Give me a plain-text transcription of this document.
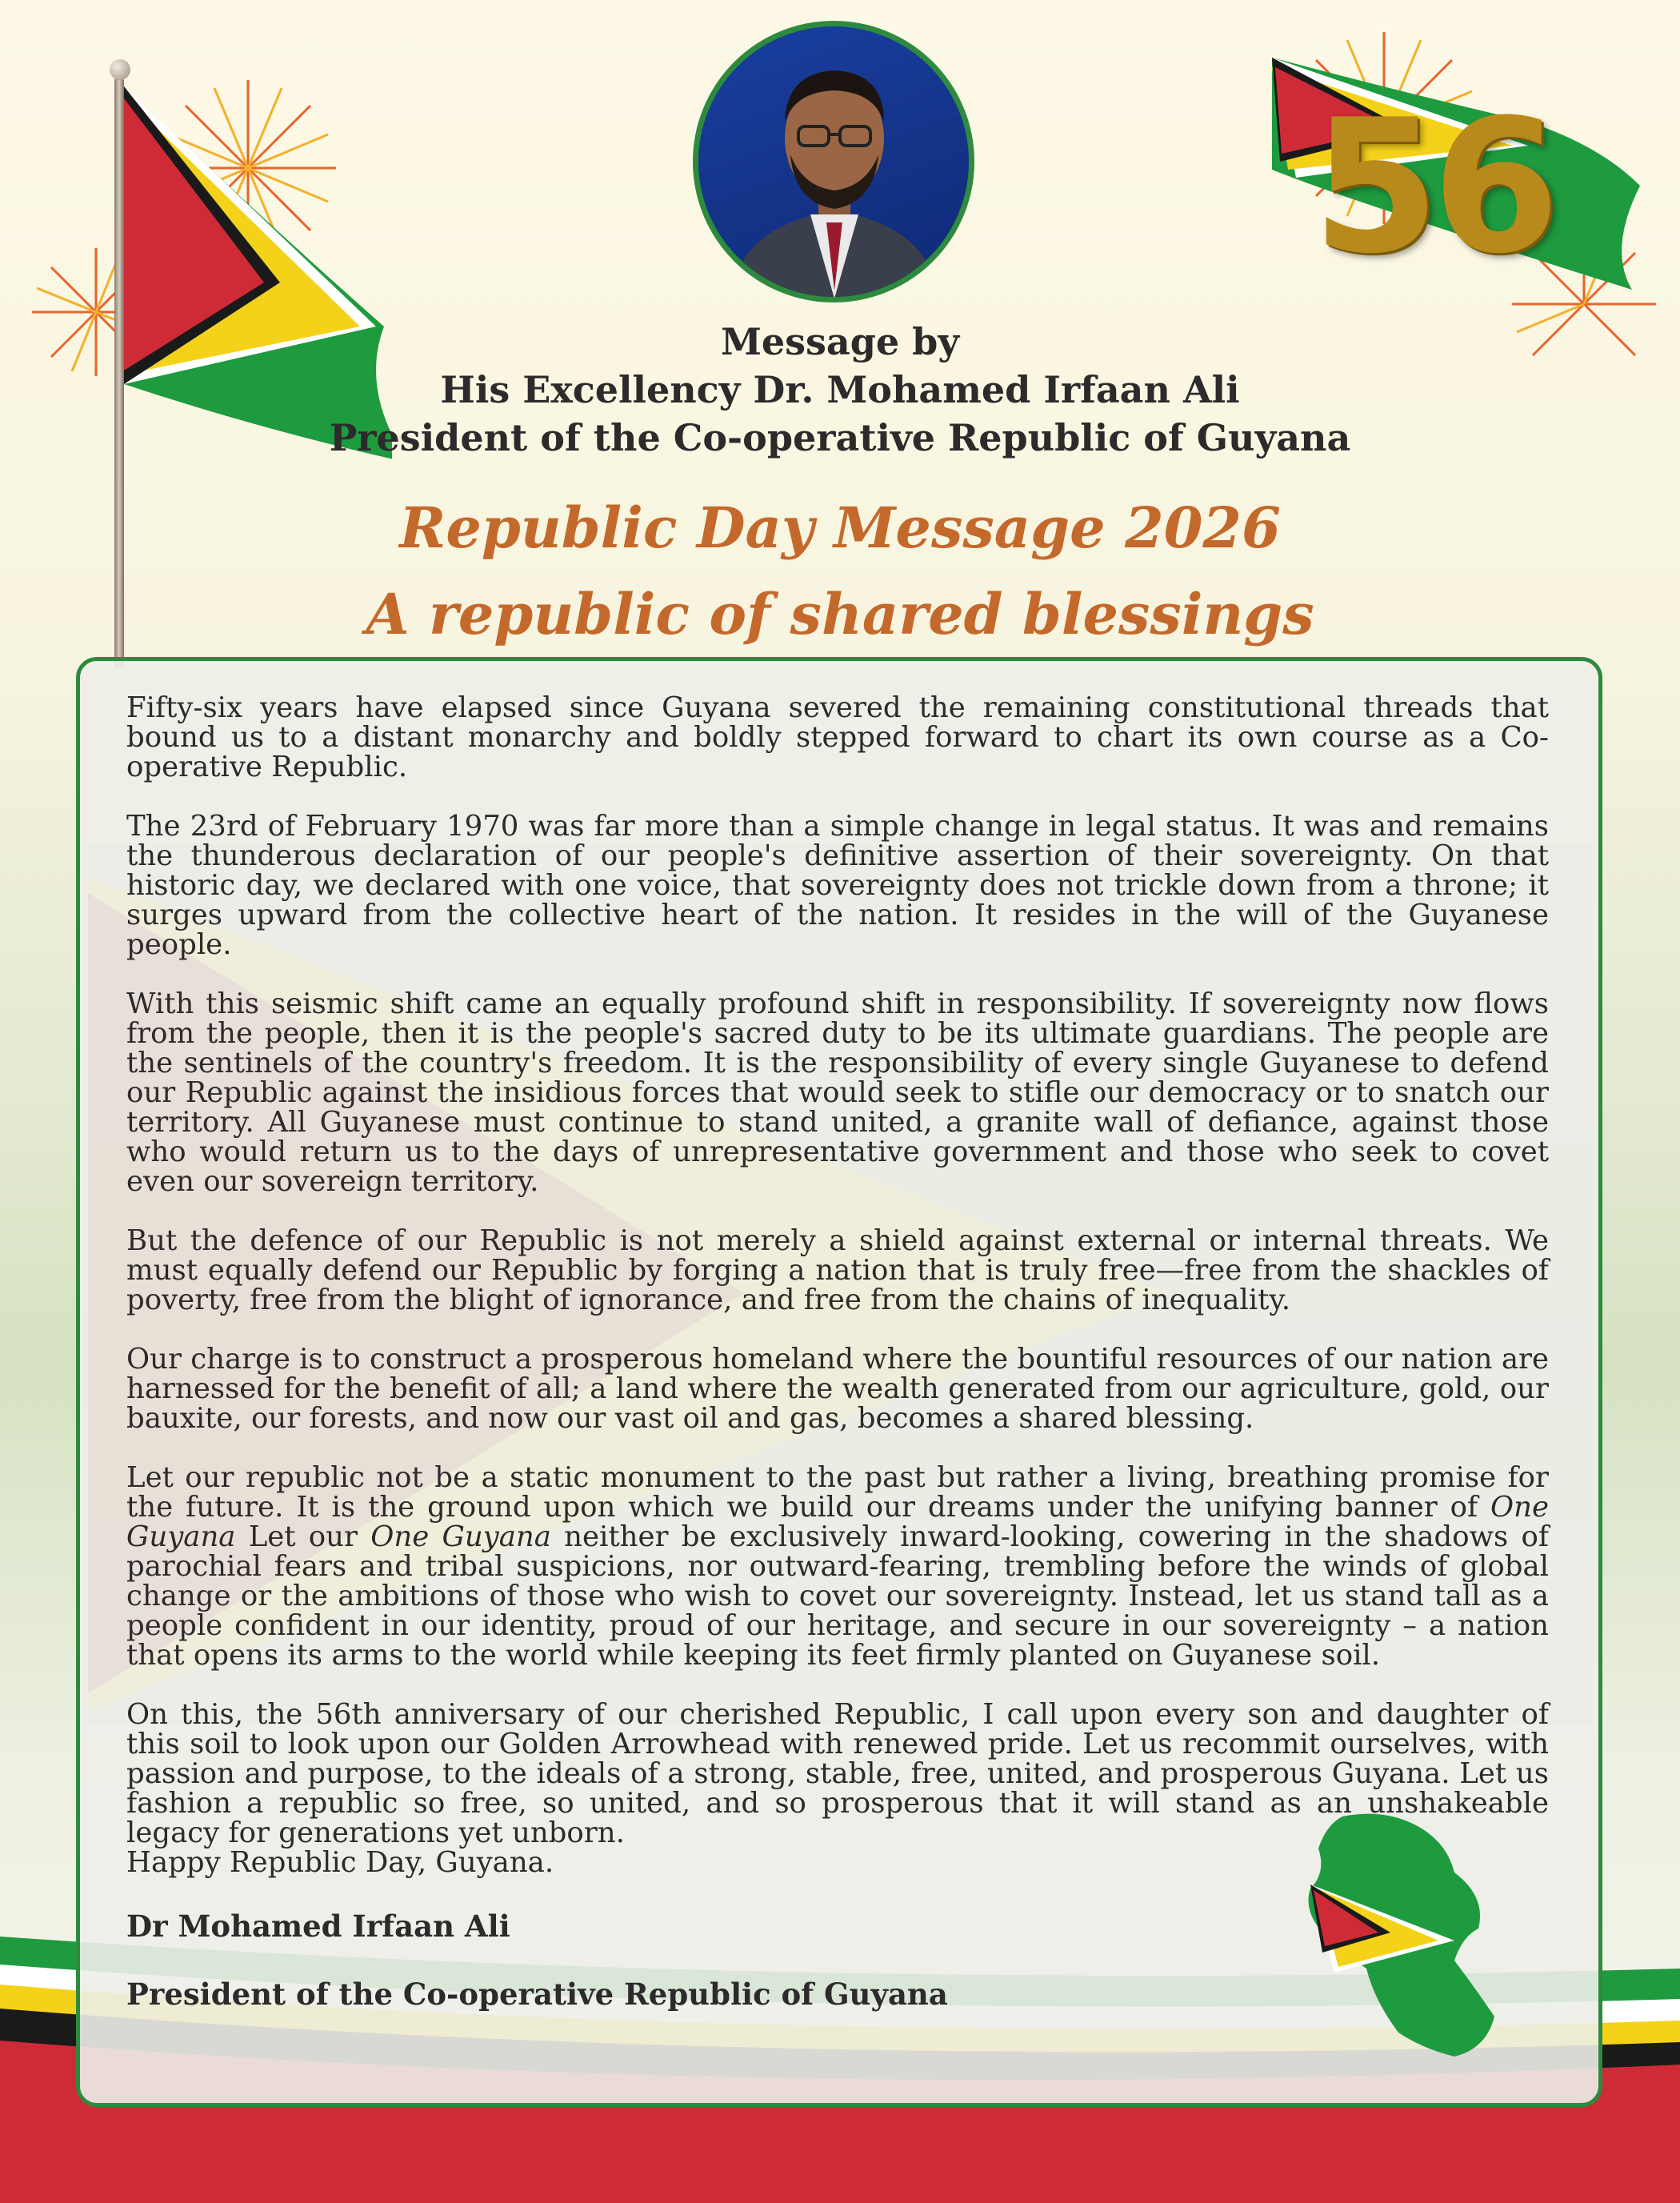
56
Message by
His Excellency Dr. Mohamed Irfaan Ali
President of the Co-operative Republic of Guyana
Republic Day Message 2026
A republic of shared blessings

Fifty-six years have elapsed since Guyana severed the remaining constitutional threads that bound us to a distant monarchy and boldly stepped forward to chart its own course as a Co-operative Republic.

The 23rd of February 1970 was far more than a simple change in legal status. It was and remains the thunderous declaration of our people's definitive assertion of their sovereignty. On that historic day, we declared with one voice, that sovereignty does not trickle down from a throne; it surges upward from the collective heart of the nation. It resides in the will of the Guyanese people.

With this seismic shift came an equally profound shift in responsibility. If sovereignty now flows from the people, then it is the people's sacred duty to be its ultimate guardians. The people are the sentinels of the country's freedom. It is the responsibility of every single Guyanese to defend our Republic against the insidious forces that would seek to stifle our democracy or to snatch our territory. All Guyanese must continue to stand united, a granite wall of defiance, against those who would return us to the days of unrepresentative government and those who seek to covet even our sovereign territory.

But the defence of our Republic is not merely a shield against external or internal threats. We must equally defend our Republic by forging a nation that is truly free—free from the shackles of poverty, free from the blight of ignorance, and free from the chains of inequality.

Our charge is to construct a prosperous homeland where the bountiful resources of our nation are harnessed for the benefit of all; a land where the wealth generated from our agriculture, gold, our bauxite, our forests, and now our vast oil and gas, becomes a shared blessing.

Let our republic not be a static monument to the past but rather a living, breathing promise for the future. It is the ground upon which we build our dreams under the unifying banner of One Guyana Let our One Guyana neither be exclusively inward-looking, cowering in the shadows of parochial fears and tribal suspicions, nor outward-fearing, trembling before the winds of global change or the ambitions of those who wish to covet our sovereignty. Instead, let us stand tall as a people confident in our identity, proud of our heritage, and secure in our sovereignty – a nation that opens its arms to the world while keeping its feet firmly planted on Guyanese soil.

On this, the 56th anniversary of our cherished Republic, I call upon every son and daughter of this soil to look upon our Golden Arrowhead with renewed pride. Let us recommit ourselves, with passion and purpose, to the ideals of a strong, stable, free, united, and prosperous Guyana. Let us fashion a republic so free, so united, and so prosperous that it will stand as an unshakeable legacy for generations yet unborn.

Happy Republic Day, Guyana.

Dr Mohamed Irfaan Ali

President of the Co-operative Republic of Guyana
